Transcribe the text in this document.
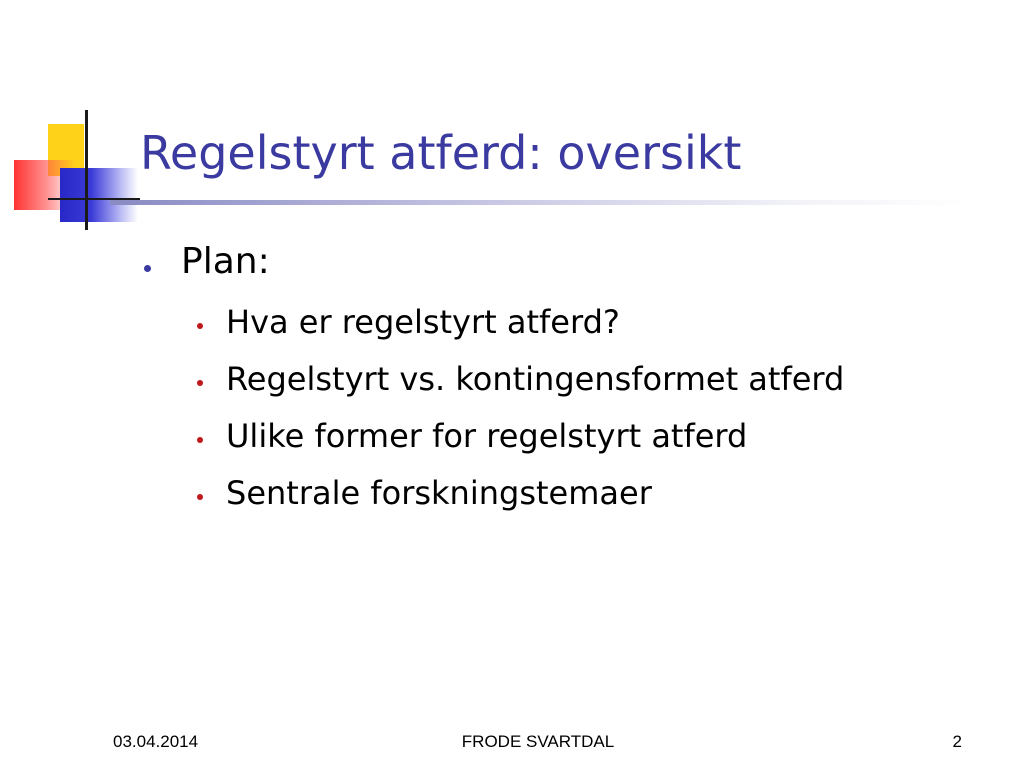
Regelstyrt atferd: oversikt
Plan:
Hva er regelstyrt atferd?
Regelstyrt vs. kontingensformet atferd
Ulike former for regelstyrt atferd
Sentrale forskningstemaer
03.04.2014	FRODE SVARTDAL	2
